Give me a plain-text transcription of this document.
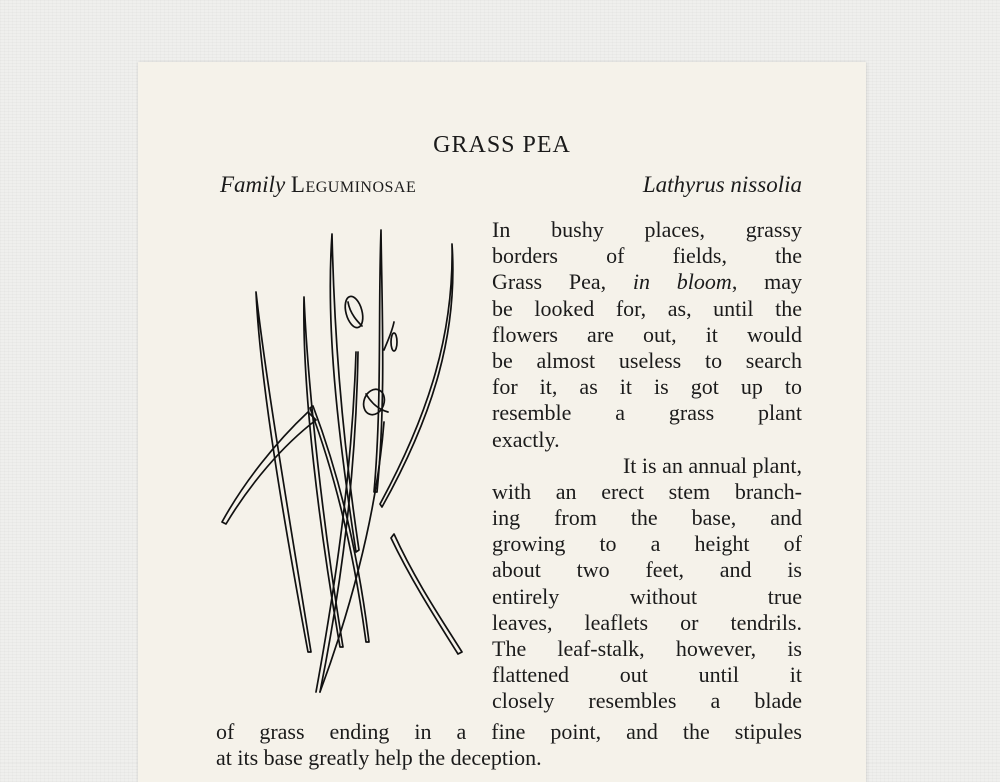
GRASS PEA
Family Leguminosae	Lathyrus nissolia
In bushy places, grassy
borders of fields, the
Grass Pea, in bloom, may
be looked for, as, until the
flowers are out, it would
be almost useless to search
for it, as it is got up to
resemble a grass plant
exactly.
It is an annual plant,
with an erect stem branch-
ing from the base, and
growing to a height of
about two feet, and is
entirely without true
leaves, leaflets or tendrils.
The leaf-stalk, however, is
flattened out until it
closely resembles a blade
of grass ending in a fine point, and the stipules
at its base greatly help the deception.
